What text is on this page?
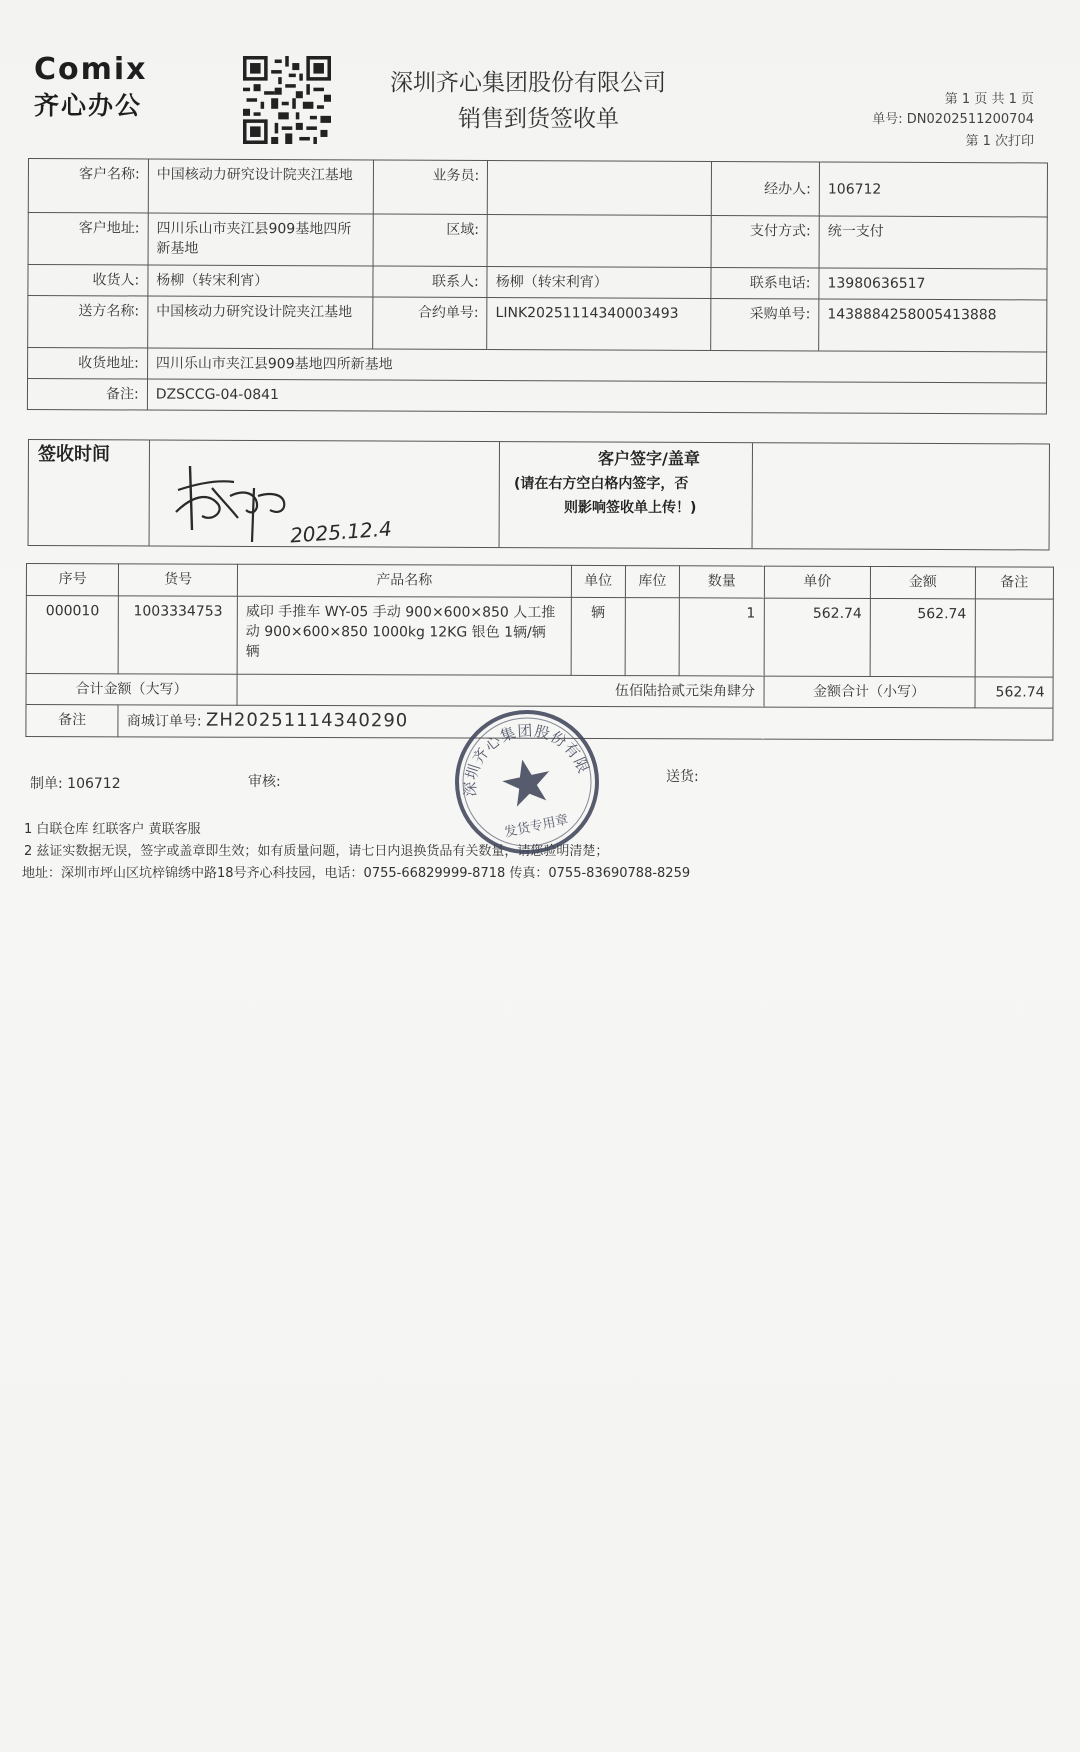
Comix
齐心办公
深圳齐心集团股份有限公司
销售到货签收单
第 1 页 共 1 页
单号: DN0202511200704
第 1 次打印
客户名称:	中国核动力研究设计院夹江基地	业务员:		经办人:	106712
客户地址:	四川乐山市夹江县909基地四所新基地	区域:		支付方式:	统一支付
收货人:	杨柳（转宋利宵）	联系人:	杨柳（转宋利宵）	联系电话:	13980636517
送方名称:	中国核动力研究设计院夹江基地	合约单号:	LINK20251114340003493	采购单号:	1438884258005413888
收货地址:	四川乐山市夹江县909基地四所新基地				
备注:	DZSCCG-04-0841				
签收时间	客户签字/盖章
(请在右方空白格内签字，否
则影响签收单上传！)
2025.12.4
序号	货号	产品名称	单位	库位	数量	单价	金额	备注
000010	1003334753	威印 手推车 WY-05 手动 900×600×850 人工推动 900×600×850 1000kg 12KG 银色 1辆/辆 辆	辆		1	562.74	562.74	
合计金额（大写）		伍佰陆拾贰元柒角肆分				金额合计（小写）		562.74
备注	商城订单号: ZH20251114340290							
制单: 106712	审核:	送货:
1 白联仓库 红联客户 黄联客服
2 兹证实数据无误，签字或盖章即生效；如有质量问题，请七日内退换货品有关数量，请您验明清楚；
地址：深圳市坪山区坑梓锦绣中路18号齐心科技园，电话：0755-66829999-8718 传真：0755-83690788-8259
深圳齐心集团股份有限公司
发货专用章
